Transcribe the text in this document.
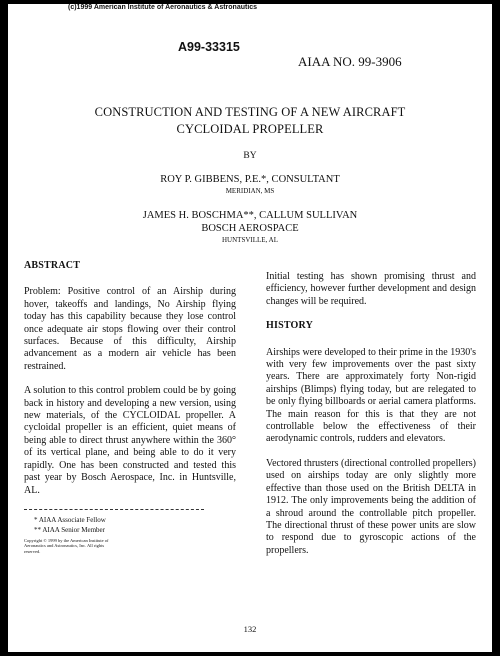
(c)1999 American Institute of Aeronautics & Astronautics
A99-33315
AIAA NO. 99-3906
CONSTRUCTION AND TESTING OF A NEW AIRCRAFT
CYCLOIDAL PROPELLER
BY
ROY P. GIBBENS, P.E.*, CONSULTANT
MERIDIAN, MS
JAMES H. BOSCHMA**, CALLUM SULLIVAN
BOSCH AEROSPACE
HUNTSVILLE, AL
ABSTRACT

Problem: Positive control of an Airship during hover, takeoffs and landings, No Airship flying today has this capability because they lose control once adequate air stops flowing over their control surfaces. Because of this difficulty, Airship advancement as a modern air vehicle has been restrained.

A solution to this control problem could be by going back in history and developing a new version, using new materials, of the CYCLOIDAL propeller. A cycloidal propeller is an efficient, quiet means of being able to direct thrust anywhere within the 360° of its vertical plane, and being able to do it very rapidly. One has been constructed and tested this past year by Bosch Aerospace, Inc. in Huntsville, AL.

* AIAA Associate Fellow
** AIAA Senior Member
Copyright © 1999 by the American Institute of Aeronautics and Astronautics, Inc. All rights reserved.

Initial testing has shown promising thrust and efficiency, however further development and design changes will be required.

HISTORY

Airships were developed to their prime in the 1930's with very few improvements over the past sixty years. There are approximately forty Non-rigid airships (Blimps) flying today, but are relegated to be only flying billboards or aerial camera platforms. The main reason for this is that they are not controllable below the effectiveness of their aerodynamic controls, rudders and elevators.

Vectored thrusters (directional controlled propellers) used on airships today are only slightly more effective than those used on the British DELTA in 1912. The only improvements being the addition of a shroud around the controllable pitch propeller. The directional thrust of these power units are slow to respond due to gyroscopic actions of the propellers.

132
